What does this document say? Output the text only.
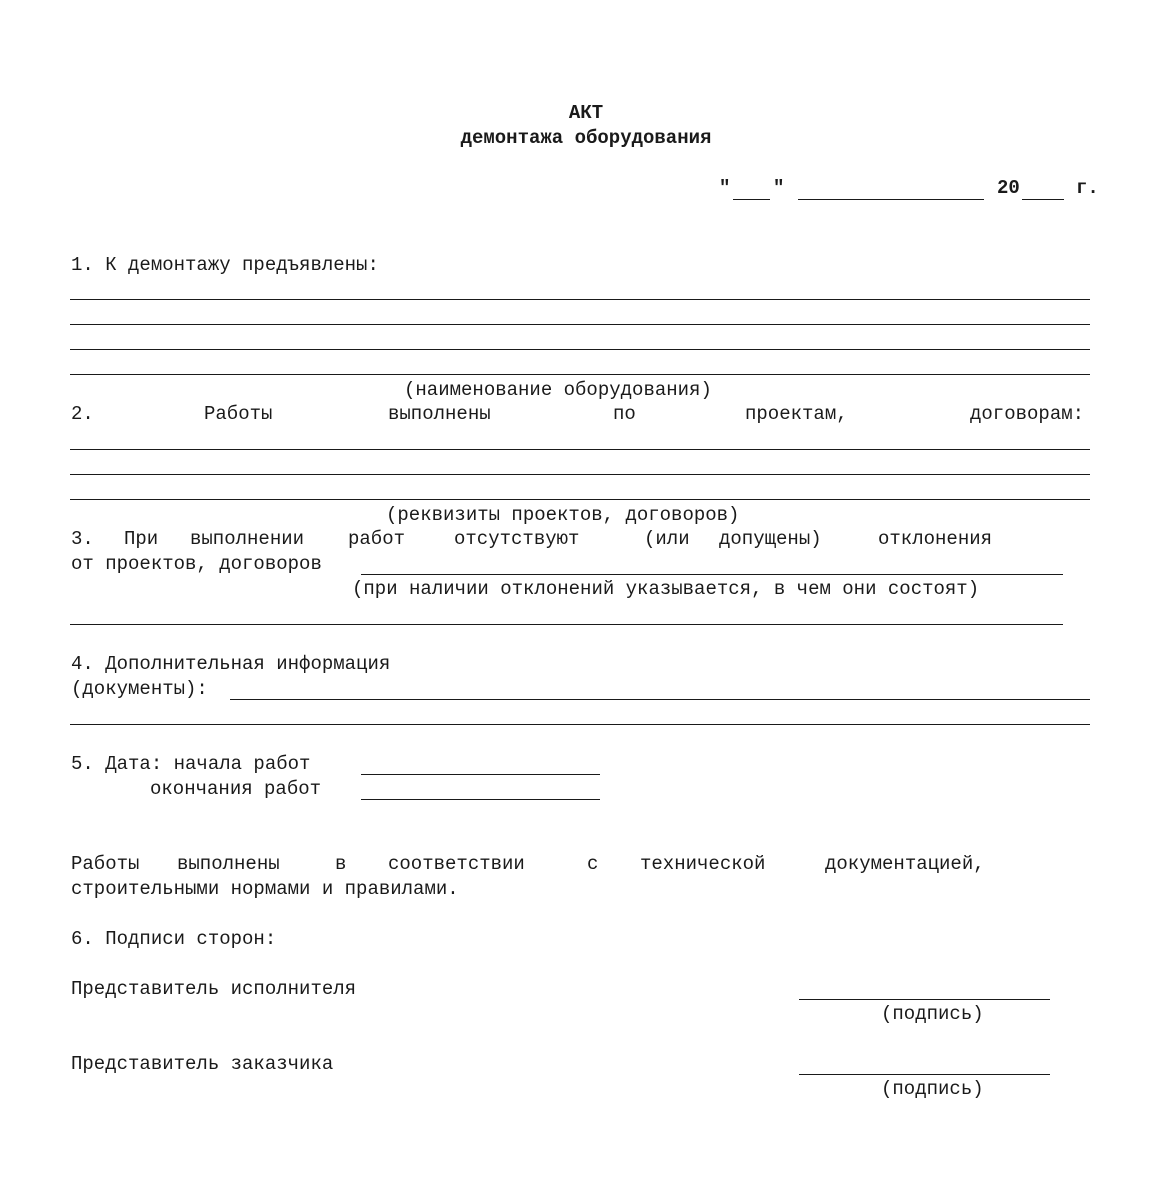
АКТ
демонтажа оборудования
" "	20	г.
1. К демонтажу предъявлены:
(наименование оборудования)
2.	Работы	выполнены	по	проектам,	договорам:
(реквизиты проектов, договоров)
3. При выполнении работ	отсутствуют	(или допущены)	отклонения
от проектов, договоров
(при наличии отклонений указывается, в чем они состоят)
4. Дополнительная информация
(документы):
5. Дата: начала работ
окончания работ
Работы выполнены	в соответствии	с технической	документацией,
строительными нормами и правилами.
6. Подписи сторон:
Представитель исполнителя
(подпись)
Представитель заказчика
(подпись)
